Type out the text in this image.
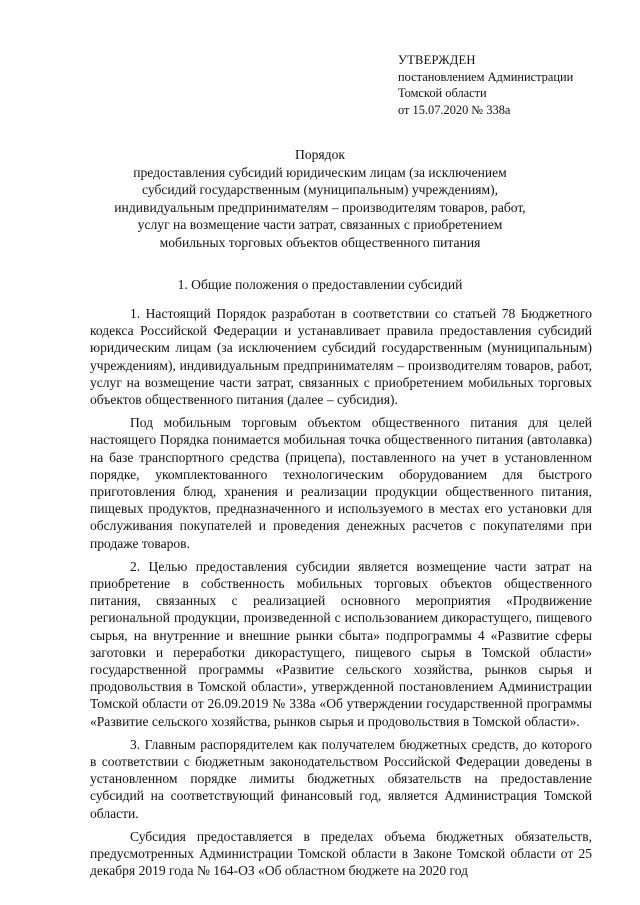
УТВЕРЖДЕН
постановлением Администрации
Томской области
от 15.07.2020 № 338а
Порядок
предоставления субсидий юридическим лицам (за исключением
субсидий государственным (муниципальным) учреждениям),
индивидуальным предпринимателям – производителям товаров, работ,
услуг на возмещение части затрат, связанных с приобретением
мобильных торговых объектов общественного питания
1. Общие положения о предоставлении субсидий

1. Настоящий Порядок разработан в соответствии со статьей 78 Бюджетного кодекса Российской Федерации и устанавливает правила предоставления субсидий юридическим лицам (за исключением субсидий государственным (муниципальным) учреждениям), индивидуальным предпринимателям – производителям товаров, работ, услуг на возмещение части затрат, связанных с приобретением мобильных торговых объектов общественного питания (далее – субсидия).

Под мобильным торговым объектом общественного питания для целей настоящего Порядка понимается мобильная точка общественного питания (автолавка) на базе транспортного средства (прицепа), поставленного на учет в установленном порядке, укомплектованного технологическим оборудованием для быстрого приготовления блюд, хранения и реализации продукции общественного питания, пищевых продуктов, предназначенного и используемого в местах его установки для обслуживания покупателей и проведения денежных расчетов с покупателями при продаже товаров.

2. Целью предоставления субсидии является возмещение части затрат на приобретение в собственность мобильных торговых объектов общественного питания, связанных с реализацией основного мероприятия «Продвижение региональной продукции, произведенной с использованием дикорастущего, пищевого сырья, на внутренние и внешние рынки сбыта» подпрограммы 4 «Развитие сферы заготовки и переработки дикорастущего, пищевого сырья в Томской области» государственной программы «Развитие сельского хозяйства, рынков сырья и продовольствия в Томской области», утвержденной постановлением Администрации Томской области от 26.09.2019 № 338а «Об утверждении государственной программы «Развитие сельского хозяйства, рынков сырья и продовольствия в Томской области».

3. Главным распорядителем как получателем бюджетных средств, до которого в соответствии с бюджетным законодательством Российской Федерации доведены в установленном порядке лимиты бюджетных обязательств на предоставление субсидий на соответствующий финансовый год, является Администрация Томской области.

Субсидия предоставляется в пределах объема бюджетных обязательств, предусмотренных Администрации Томской области в Законе Томской области от 25 декабря 2019 года № 164-ОЗ «Об областном бюджете на 2020 год
